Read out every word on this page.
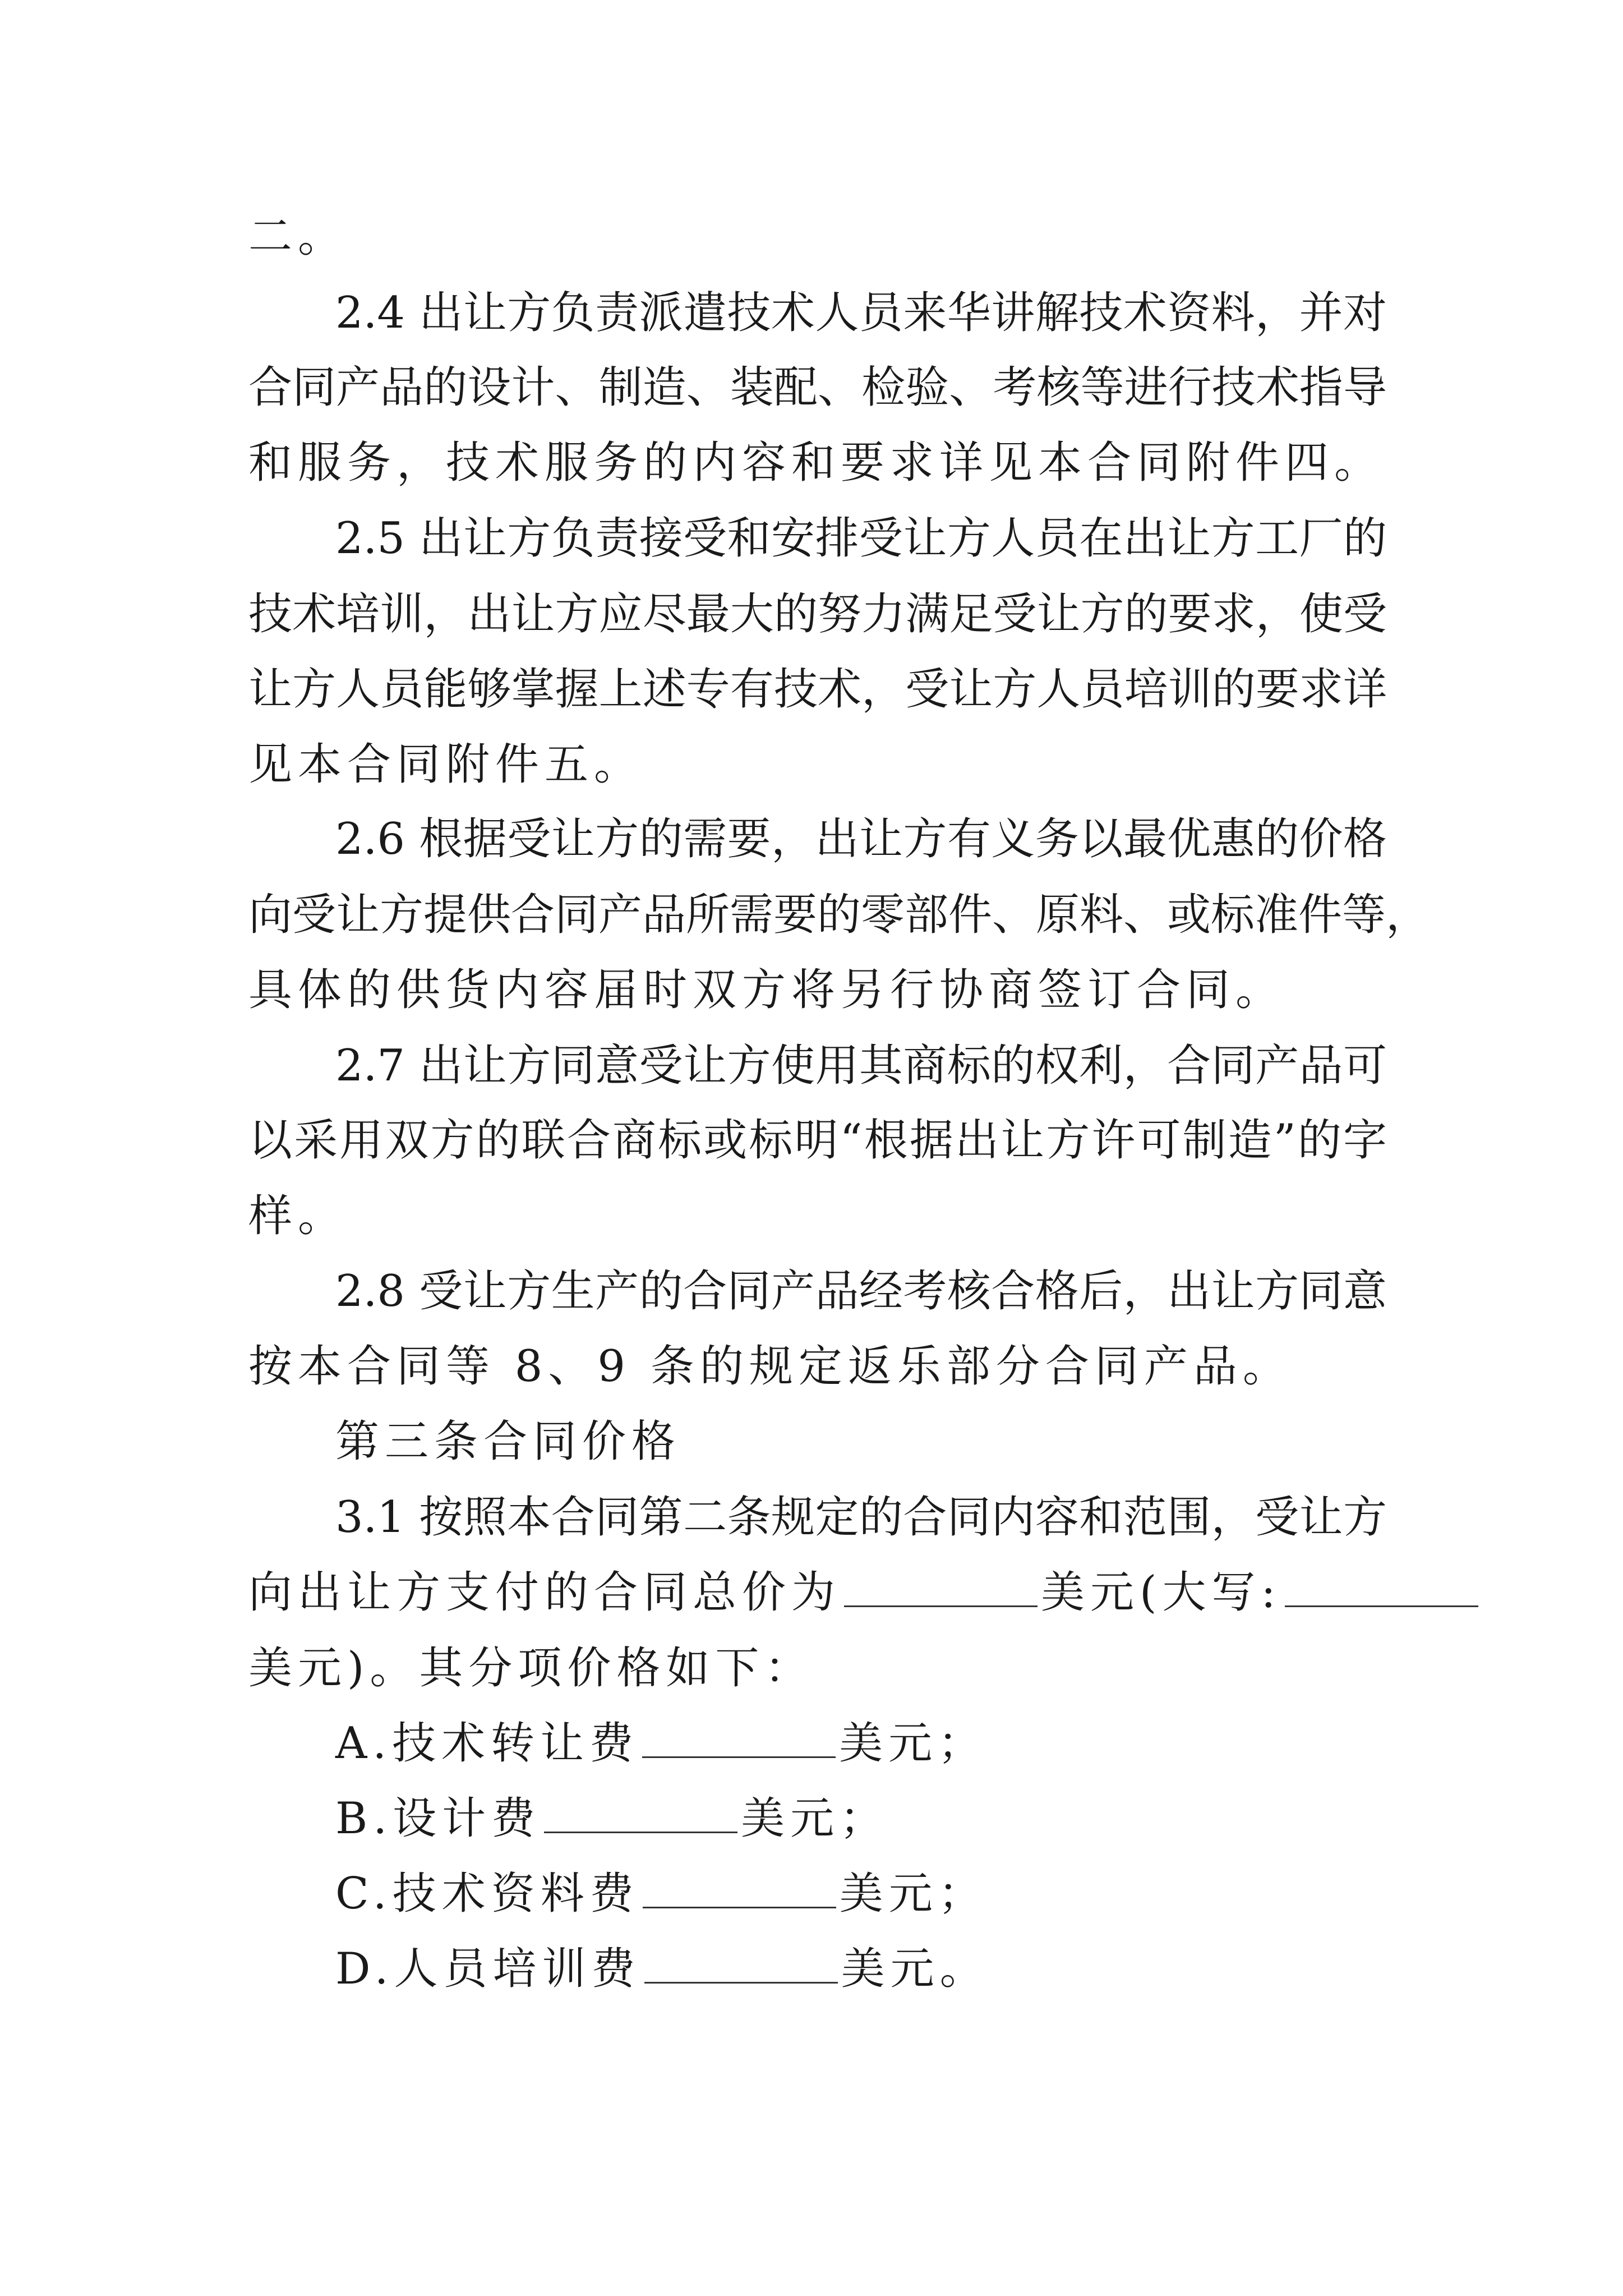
二。
2.4 出让方负责派遣技术人员来华讲解技术资料，并对
合同产品的设计、制造、装配、检验、考核等进行技术指导
和服务，技术服务的内容和要求详见本合同附件四。
2.5 出让方负责接受和安排受让方人员在出让方工厂的
技术培训，出让方应尽最大的努力满足受让方的要求，使受
让方人员能够掌握上述专有技术，受让方人员培训的要求详
见本合同附件五。
2.6 根据受让方的需要，出让方有义务以最优惠的价格
向受让方提供合同产品所需要的零部件、原料、或标准件等，
具体的供货内容届时双方将另行协商签订合同。
2.7 出让方同意受让方使用其商标的权利，合同产品可
以采用双方的联合商标或标明“根据出让方许可制造”的字
样。
2.8 受让方生产的合同产品经考核合格后，出让方同意
按本合同等 8、9 条的规定返乐部分合同产品。
第三条合同价格
3.1 按照本合同第二条规定的合同内容和范围，受让方
向出让方支付的合同总价为	美元(大写:
美元)。其分项价格如下：
A.技术转让费	美元；
B.设计费	美元；
C.技术资料费	美元；
D.人员培训费	美元。
